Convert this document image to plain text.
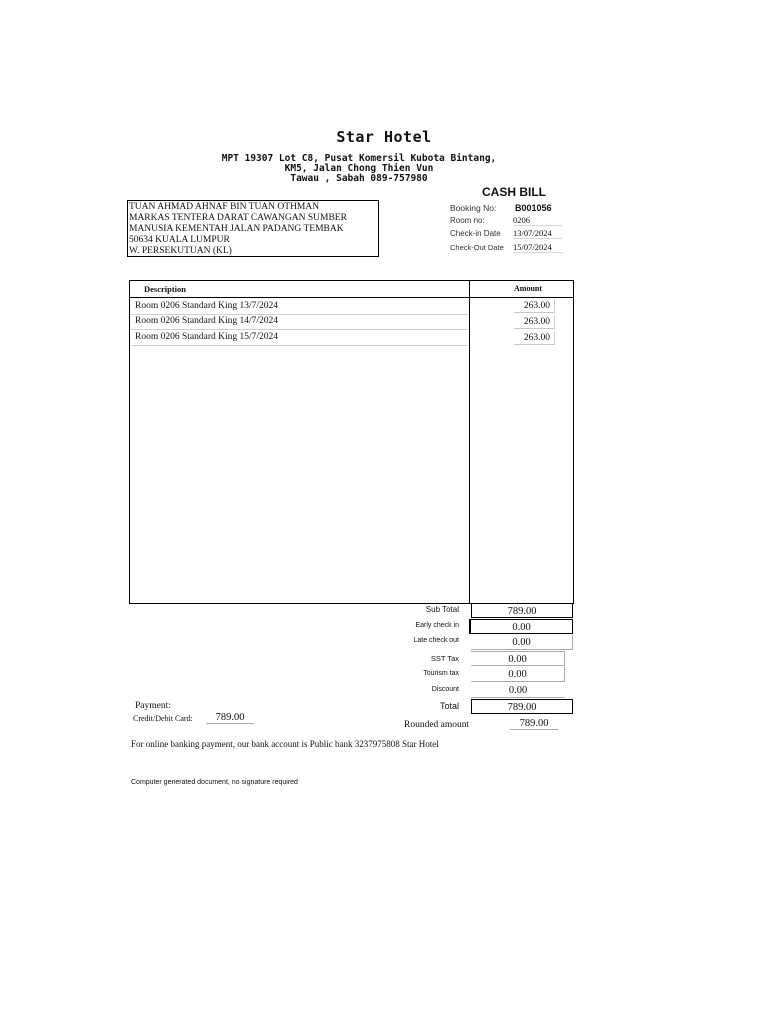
Star Hotel
MPT 19307 Lot C8, Pusat Komersil Kubota Bintang,
KM5, Jalan Chong Thien Vun
Tawau , Sabah 089-757980
CASH BILL
TUAN AHMAD AHNAF BIN TUAN OTHMAN
MARKAS TENTERA DARAT CAWANGAN SUMBER
MANUSIA KEMENTAH JALAN PADANG TEMBAK
50634 KUALA LUMPUR
W. PERSEKUTUAN (KL)
Booking No: B001056
Room no:	0206
Check-in Date 13/07/2024
Check-Out Date 15/07/2024
Description	Amount
Room 0206 Standard King 13/7/2024	263.00
Room 0206 Standard King 14/7/2024	263.00
Room 0206 Standard King 15/7/2024	263.00
Sub Total	789.00
Early check in	0.00
Late check out	0.00
SST Tax	0.00
Tourism tax	0.00
Discount	0.00
Total	789.00
Rounded amount	789.00
Payment:
Credit/Debit Card:	789.00
For online banking payment, our bank account is Public bank 3237975808 Star Hotel
Computer generated document, no signature required
